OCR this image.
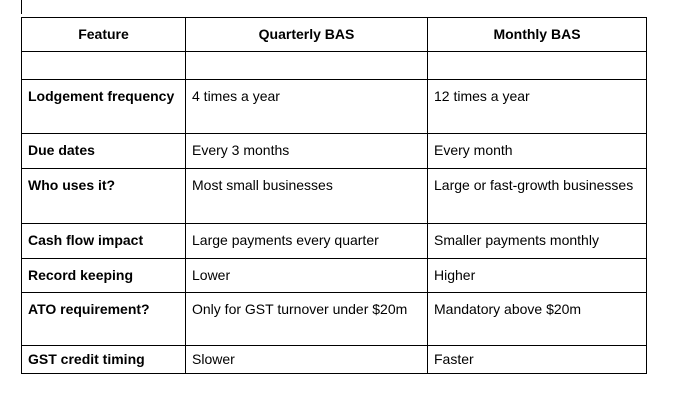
Feature	Quarterly BAS	Monthly BAS

Lodgement frequency	4 times a year	12 times a year
Due dates	Every 3 months	Every month
Who uses it?	Most small businesses	Large or fast-growth businesses
Cash flow impact	Large payments every quarter	Smaller payments monthly
Record keeping	Lower	Higher
ATO requirement?	Only for GST turnover under $20m	Mandatory above $20m
GST credit timing	Slower	Faster
